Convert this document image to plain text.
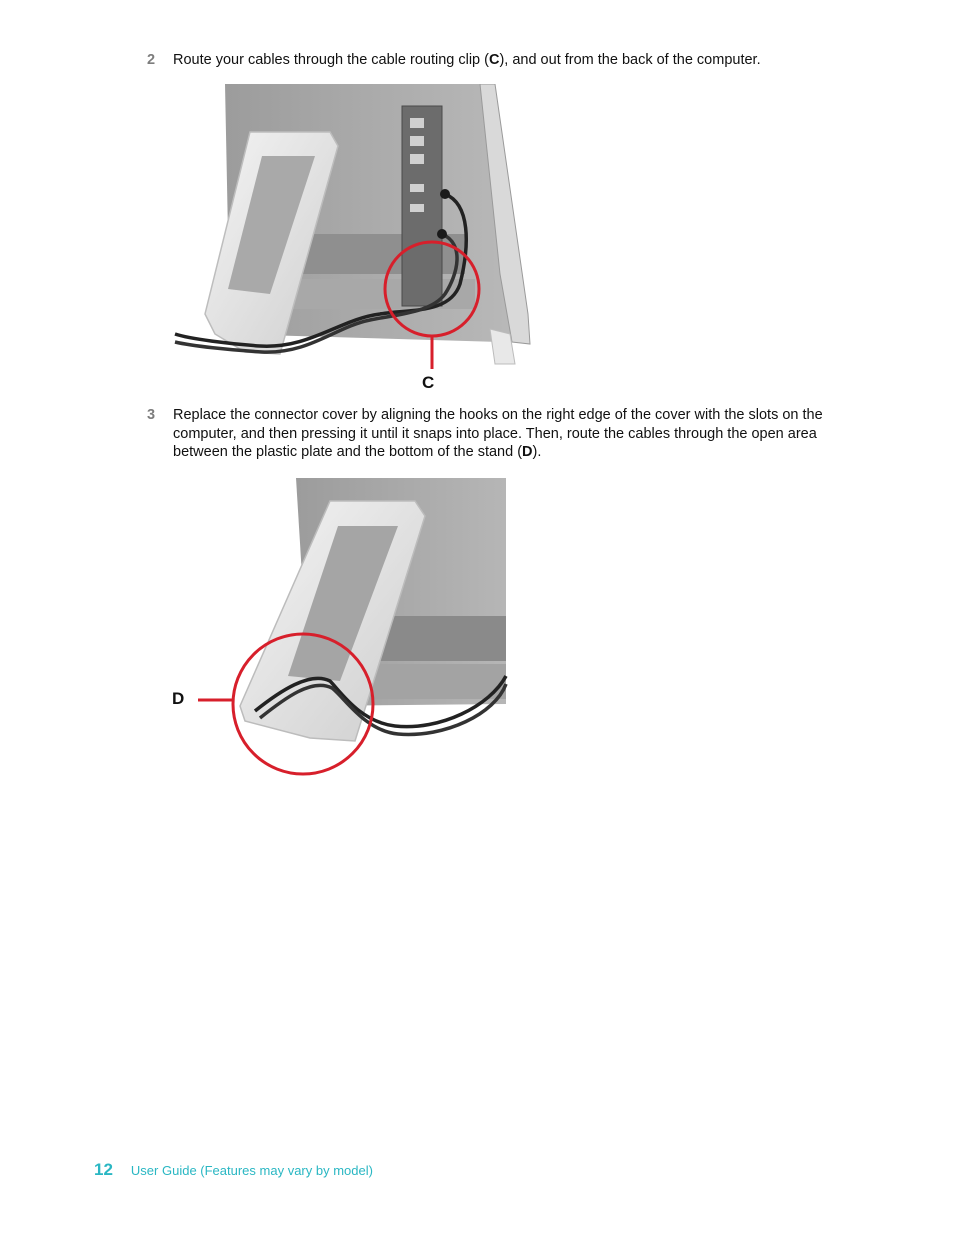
2	Route your cables through the cable routing clip (C), and out from the back of the computer.
C
3	Replace the connector cover by aligning the hooks on the right edge of the cover with the slots on the computer, and then pressing it until it snaps into place. Then, route the cables through the open area between the plastic plate and the bottom of the stand (D).
D
12 User Guide (Features may vary by model)
